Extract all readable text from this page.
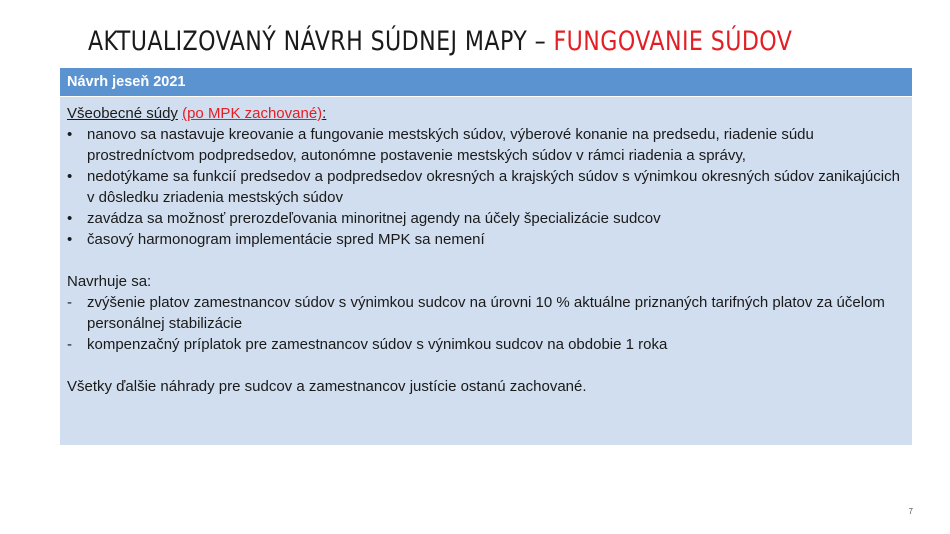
AKTUALIZOVANÝ NÁVRH SÚDNEJ MAPY – FUNGOVANIE SÚDOV
Návrh jeseň 2021
Všeobecné súdy (po MPK zachované):
• nanovo sa nastavuje kreovanie a fungovanie mestských súdov, výberové konanie na predsedu, riadenie súdu prostredníctvom podpredsedov, autonómne postavenie mestských súdov v rámci riadenia a správy,
• nedotýkame sa funkcií predsedov a podpredsedov okresných a krajských súdov s výnimkou okresných súdov zanikajúcich v dôsledku zriadenia mestských súdov
• zavádza sa možnosť prerozdeľovania minoritnej agendy na účely špecializácie sudcov
• časový harmonogram implementácie spred MPK sa nemení
Navrhuje sa:
- zvýšenie platov zamestnancov súdov s výnimkou sudcov na úrovni 10 % aktuálne priznaných tarifných platov za účelom personálnej stabilizácie
- kompenzačný príplatok pre zamestnancov súdov s výnimkou sudcov na obdobie 1 roka
Všetky ďalšie náhrady pre sudcov a zamestnancov justície ostanú zachované.
7
